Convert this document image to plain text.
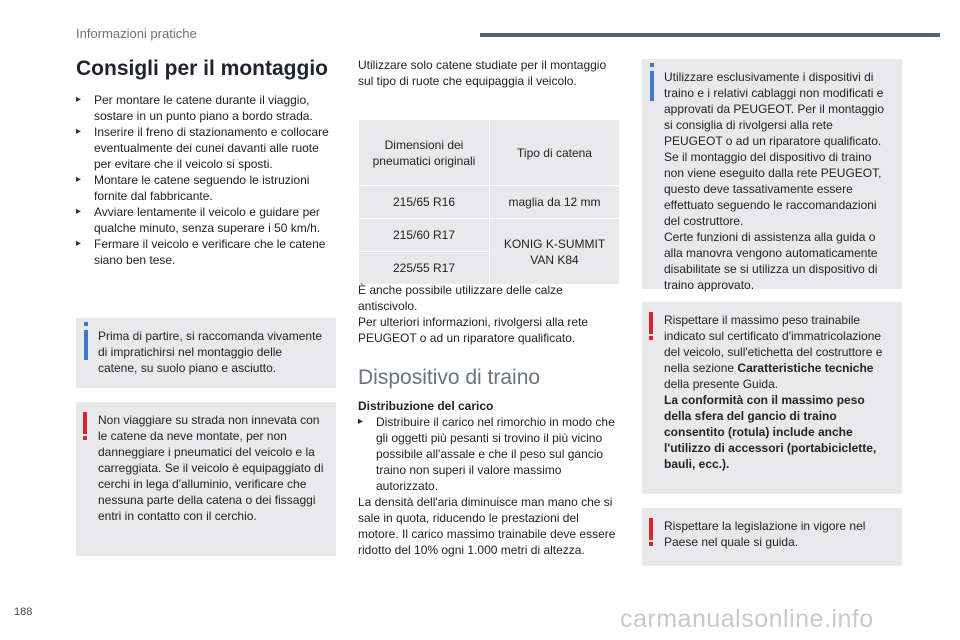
Informazioni pratiche
Consigli per il montaggio
▸ Per montare le catene durante il viaggio, sostare in un punto piano a bordo strada.
▸ Inserire il freno di stazionamento e collocare eventualmente dei cunei davanti alle ruote per evitare che il veicolo si sposti.
▸ Montare le catene seguendo le istruzioni fornite dal fabbricante.
▸ Avviare lentamente il veicolo e guidare per qualche minuto, senza superare i 50 km/h.
▸ Fermare il veicolo e verificare che le catene siano ben tese.
Prima di partire, si raccomanda vivamente di impratichirsi nel montaggio delle catene, su suolo piano e asciutto.
Non viaggiare su strada non innevata con le catene da neve montate, per non danneggiare i pneumatici del veicolo e la carreggiata. Se il veicolo è equipaggiato di cerchi in lega d'alluminio, verificare che nessuna parte della catena o dei fissaggi entri in contatto con il cerchio.
Utilizzare solo catene studiate per il montaggio sul tipo di ruote che equipaggia il veicolo.
Dimensioni dei pneumatici originali	Tipo di catena
215/65 R16	maglia da 12 mm
215/60 R17	KONIG K-SUMMIT VAN K84
225/55 R17	
È anche possibile utilizzare delle calze antiscivolo.
Per ulteriori informazioni, rivolgersi alla rete PEUGEOT o ad un riparatore qualificato.
Dispositivo di traino
Distribuzione del carico
▸ Distribuire il carico nel rimorchio in modo che gli oggetti più pesanti si trovino il più vicino possibile all'assale e che il peso sul gancio traino non superi il valore massimo autorizzato.
La densità dell'aria diminuisce man mano che si sale in quota, riducendo le prestazioni del motore. Il carico massimo trainabile deve essere ridotto del 10% ogni 1.000 metri di altezza.
Utilizzare esclusivamente i dispositivi di traino e i relativi cablaggi non modificati e approvati da PEUGEOT. Per il montaggio si consiglia di rivolgersi alla rete PEUGEOT o ad un riparatore qualificato. Se il montaggio del dispositivo di traino non viene eseguito dalla rete PEUGEOT, questo deve tassativamente essere effettuato seguendo le raccomandazioni del costruttore.
Certe funzioni di assistenza alla guida o alla manovra vengono automaticamente disabilitate se si utilizza un dispositivo di traino approvato.
Rispettare il massimo peso trainabile indicato sul certificato d'immatricolazione del veicolo, sull'etichetta del costruttore e nella sezione Caratteristiche tecniche della presente Guida.
La conformità con il massimo peso della sfera del gancio di traino consentito (rotula) include anche l'utilizzo di accessori (portabiciclette, bauli, ecc.).
Rispettare la legislazione in vigore nel Paese nel quale si guida.
188	carmanualsonline.info
